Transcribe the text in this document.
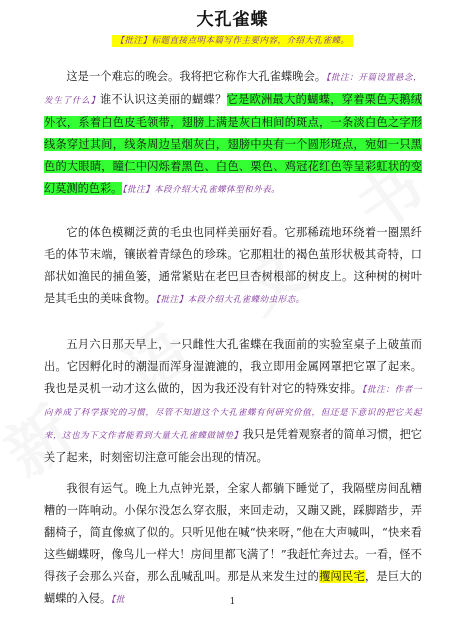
大孔雀蝶
【批注】标题直接点明本篇写作主要内容，介绍大孔雀蝶。

这是一个难忘的晚会。我将把它称作大孔雀蝶晚会。【批注：开篇设置悬念，发生了什么】谁不认识这美丽的蝴蝶？它是欧洲最大的蝴蝶，穿着栗色天鹅绒外衣，系着白色皮毛领带，翅膀上满是灰白相间的斑点，一条淡白色之字形线条穿过其间，线条周边呈烟灰白，翅膀中央有一个圆形斑点，宛如一只黑色的大眼睛，瞳仁中闪烁着黑色、白色、栗色、鸡冠花红色等呈彩虹状的变幻莫测的色彩。【批注】本段介绍大孔雀蝶体型和外表。

它的体色模糊泛黄的毛虫也同样美丽好看。它那稀疏地环绕着一圈黑纤毛的体节末端，镶嵌着青绿色的珍珠。它那粗壮的褐色茧形状极其奇特，口部状如渔民的捕鱼篓，通常紧贴在老巴旦杏树根部的树皮上。这种树的树叶是其毛虫的美味食物。【批注】本段介绍大孔雀蝶幼虫形态。

五月六日那天早上，一只雌性大孔雀蝶在我面前的实验室桌子上破茧而出。它因孵化时的潮湿而浑身湿漉漉的，我立即用金属网罩把它罩了起来。我也是灵机一动才这么做的，因为我还没有针对它的特殊安排。【批注：作者一向养成了科学探究的习惯，尽管不知道这个大孔雀蝶有何研究价值，但还是下意识的把它关起来，这也为下文作者能看到大量大孔雀蝶做铺垫】我只是凭着观察者的简单习惯，把它关了起来，时刻密切注意可能会出现的情况。

我很有运气。晚上九点钟光景，全家人都躺下睡觉了，我隔壁房间乱糟糟的一阵响动。小保尔没怎么穿衣服，来回走动，又蹦又跳，踩脚踏步，弄翻椅子，简直像疯了似的。只听见他在喊“快来呀，”他在大声喊叫，“快来看这些蝴蝶呀，像鸟儿一样大！房间里都飞满了！”我赶忙奔过去。一看，怪不得孩子会那么兴奋，那么乱喊乱叫。那是从来发生过的攫闯民宅，是巨大的蝴蝶的入侵。【批	1
